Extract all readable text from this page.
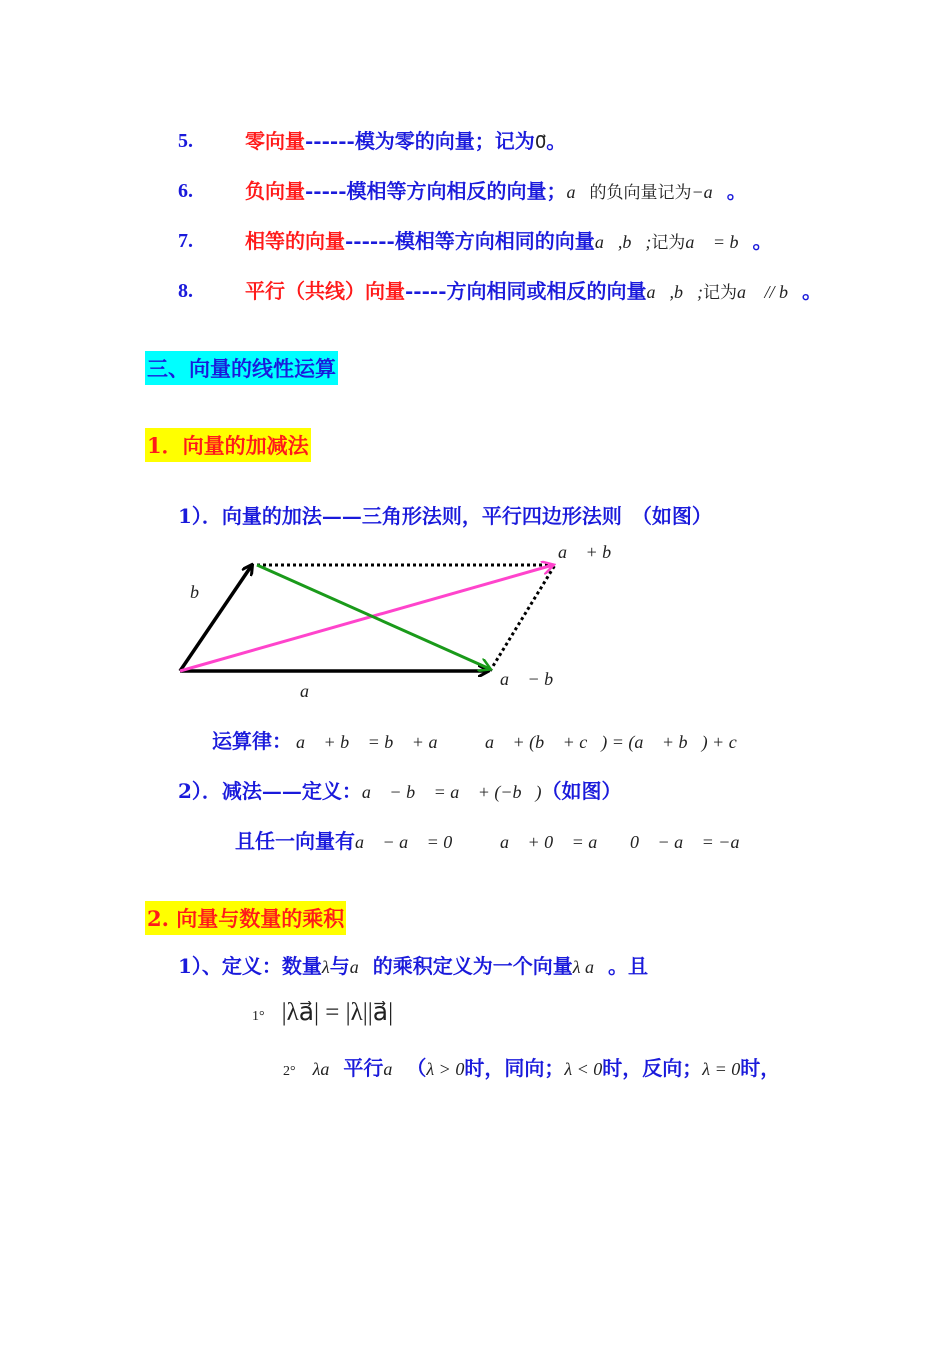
5.	零向量------模为零的向量；记为0⃗。
6.	负向量-----模相等方向相反的向量；a⃗的负向量记为−a⃗。
7.	相等的向量------模相等方向相同的向量a⃗,b⃗;记为a⃗ = b⃗。
8.	平行（共线）向量-----方向相同或相反的向量a⃗,b⃗;记为a⃗ // b⃗。
三、向量的线性运算
1．向量的加减法
1）．向量的加法——三角形法则，平行四边形法则　（如图）
a⃗ + b⃗
b⃗
a⃗
a⃗ − b⃗
运算律： a⃗ + b⃗ = b⃗ + a⃗ a⃗ + (b⃗ + c⃗) = (a⃗ + b⃗) + c⃗
2）．减法——定义：a⃗ − b⃗ = a⃗ + (−b⃗)（如图）
且任一向量有a⃗ − a⃗ = 0⃗ a⃗ + 0⃗ = a⃗ 0⃗ − a⃗ = −a⃗
2. 向量与数量的乘积
1）、定义：数量λ与a⃗的乘积定义为一个向量λ a⃗。且
1° |λa⃗| = |λ||a⃗|
2° λa⃗平行a⃗（λ > 0时，同向；λ < 0时，反向；λ = 0时，
